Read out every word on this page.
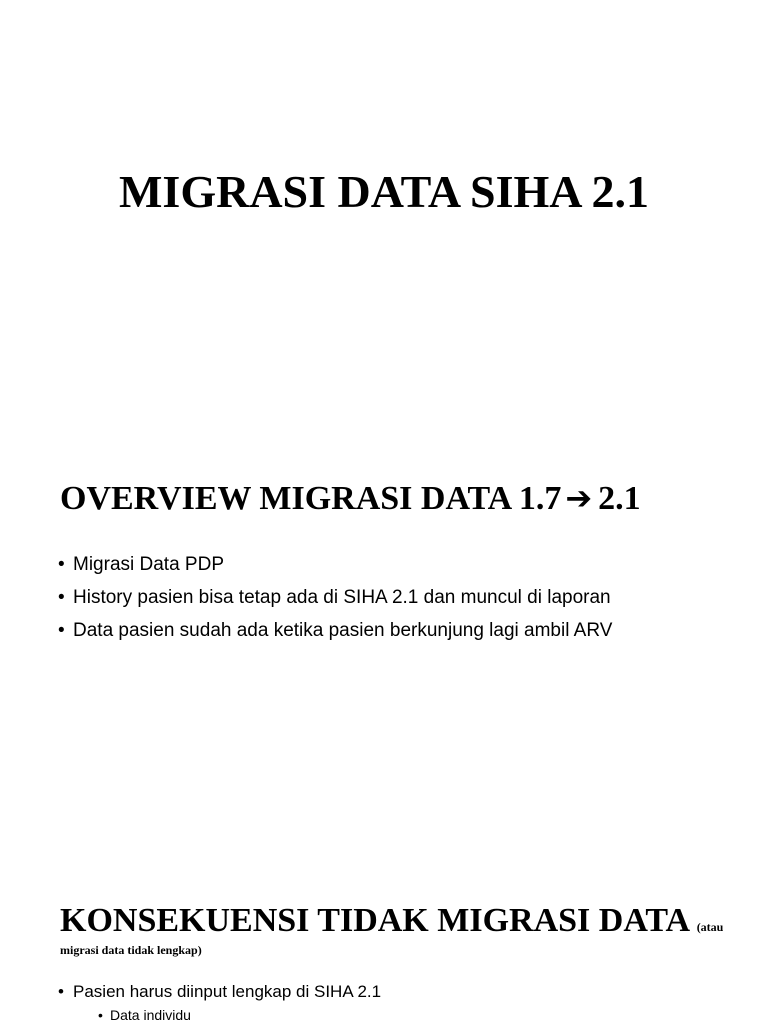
MIGRASI DATA SIHA 2.1
OVERVIEW MIGRASI DATA 1.7 ➔ 2.1
• Migrasi Data PDP
• History pasien bisa tetap ada di SIHA 2.1 dan muncul di laporan
• Data pasien sudah ada ketika pasien berkunjung lagi ambil ARV
KONSEKUENSI TIDAK MIGRASI DATA (atau

migrasi data tidak lengkap)

• Pasien harus diinput lengkap di SIHA 2.1
• Data individu
